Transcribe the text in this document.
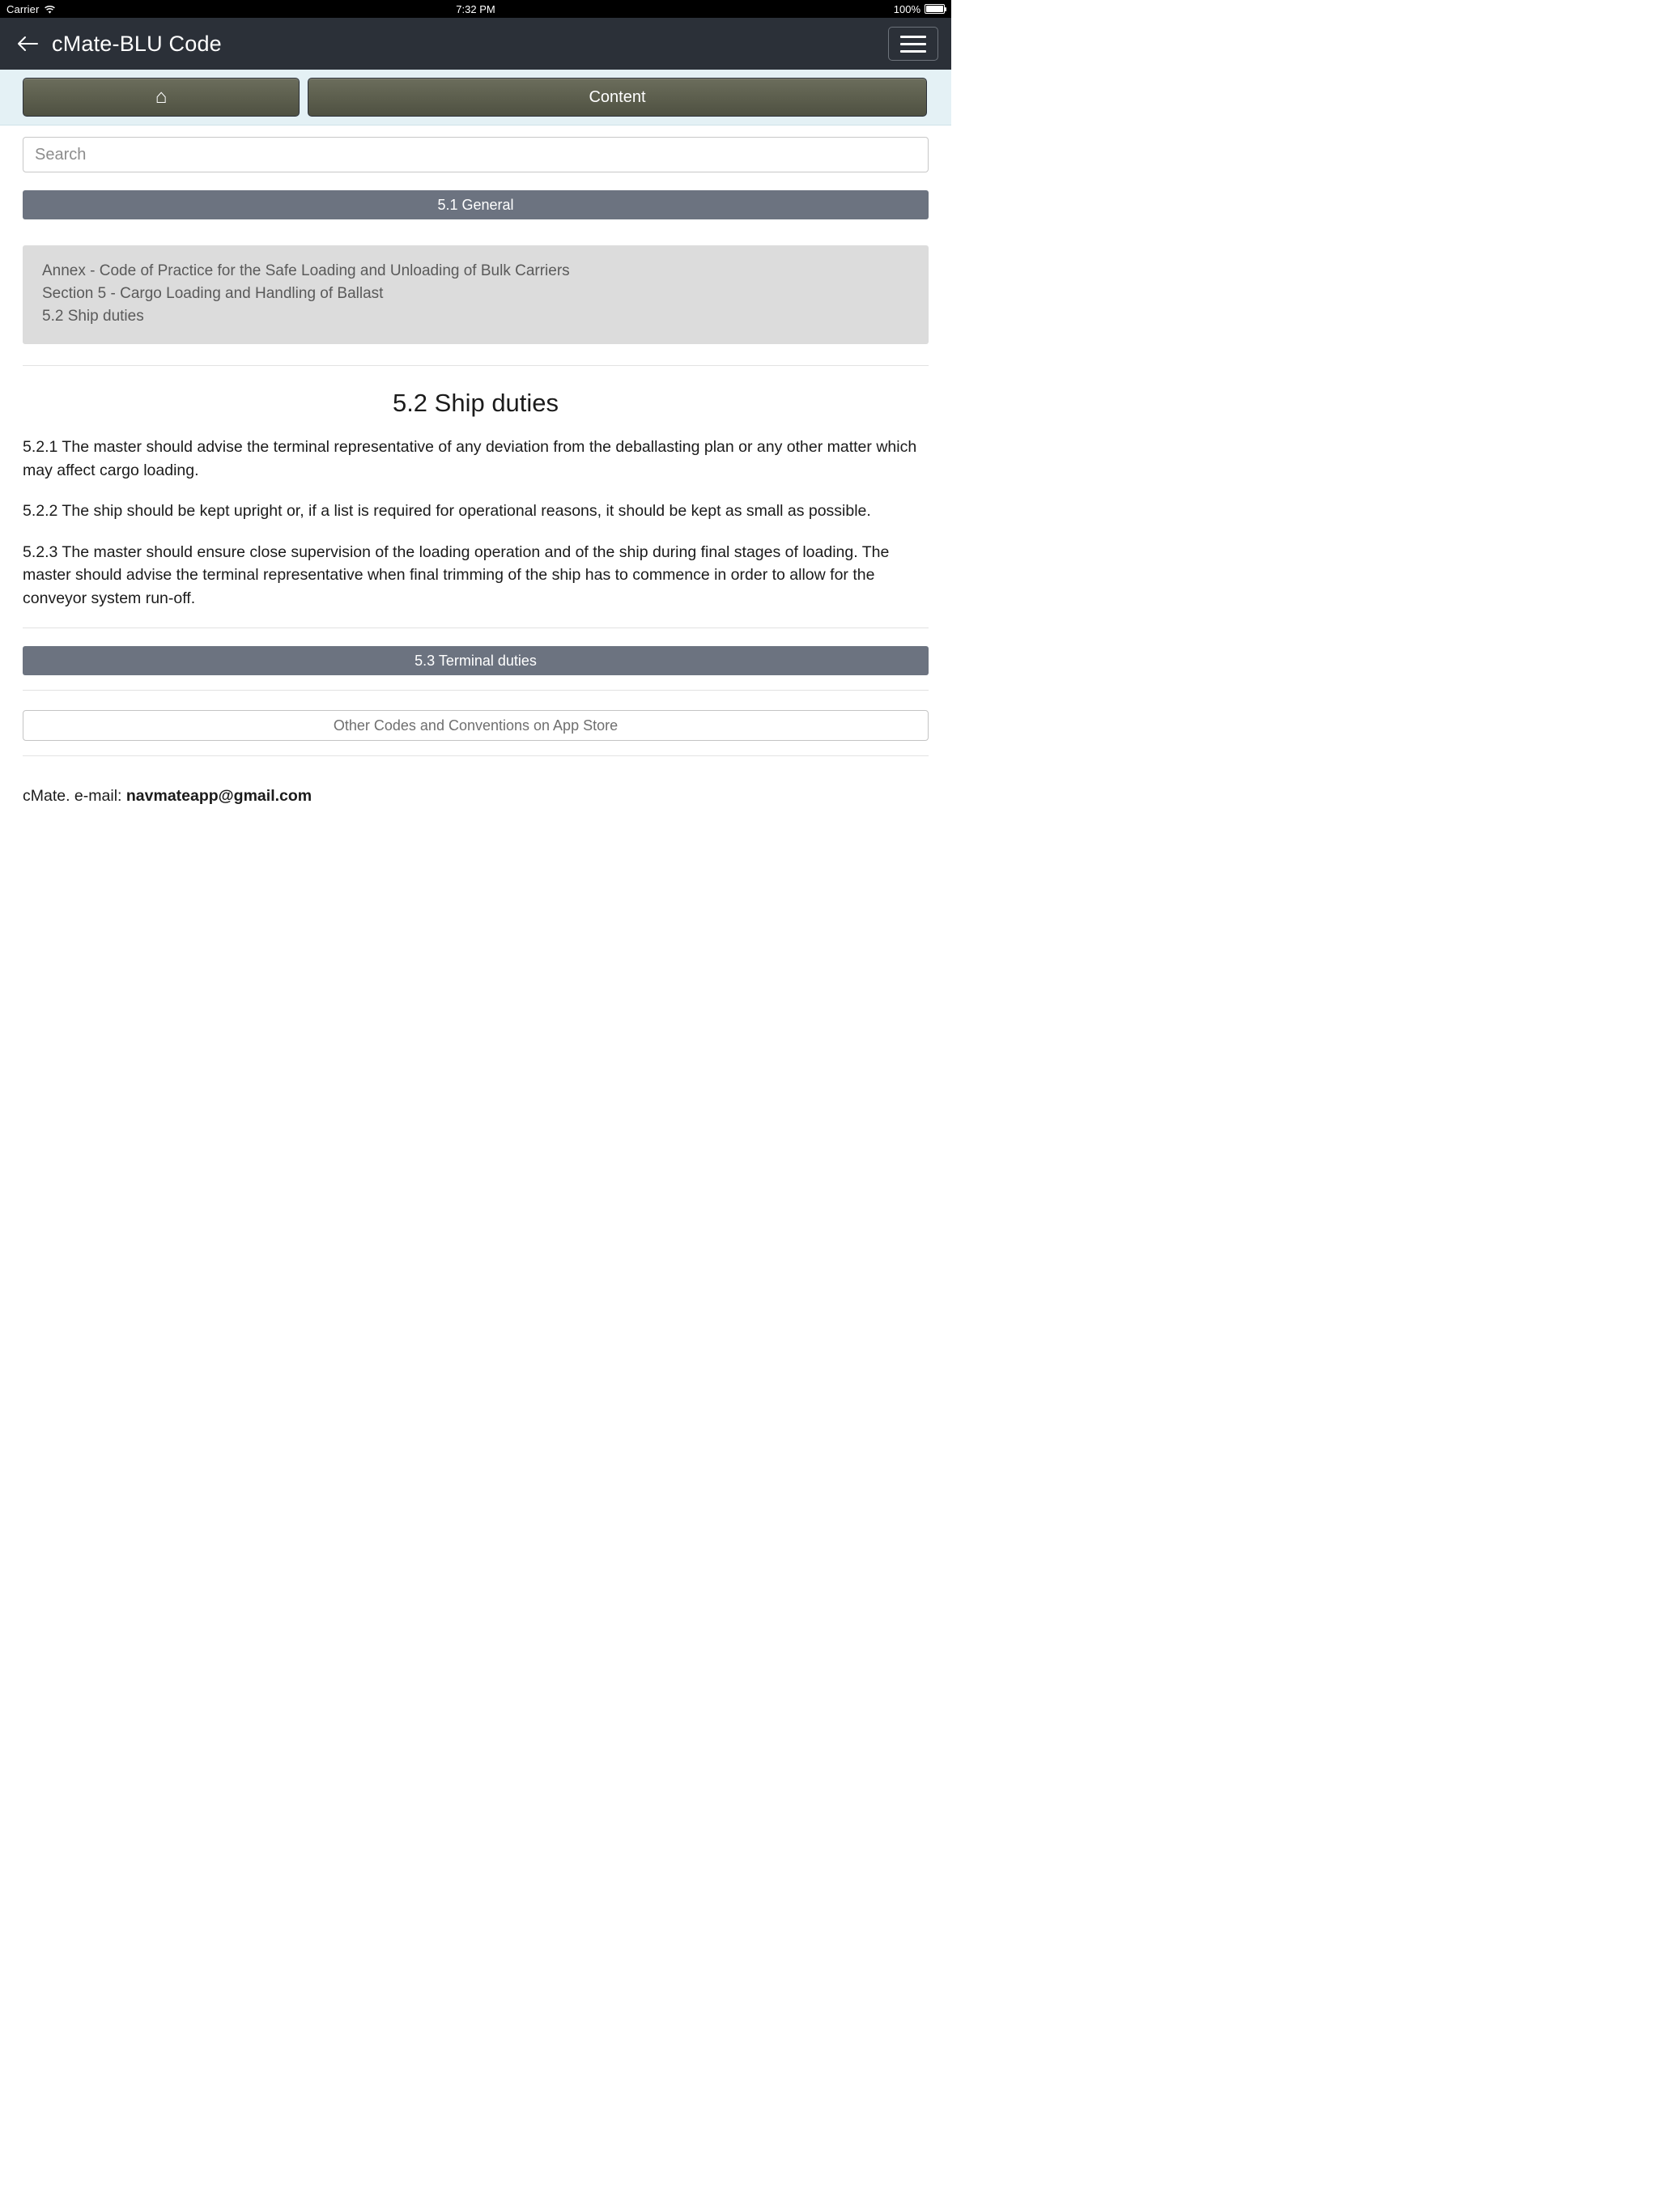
Carrier	7:32 PM	100%
cMate-BLU Code
⌂	Content
Search
5.1 General
Annex - Code of Practice for the Safe Loading and Unloading of Bulk Carriers
Section 5 - Cargo Loading and Handling of Ballast
5.2 Ship duties
5.2 Ship duties

5.2.1 The master should advise the terminal representative of any deviation from the deballasting plan or any other matter which may affect cargo loading.

5.2.2 The ship should be kept upright or, if a list is required for operational reasons, it should be kept as small as possible.

5.2.3 The master should ensure close supervision of the loading operation and of the ship during final stages of loading. The master should advise the terminal representative when final trimming of the ship has to commence in order to allow for the conveyor system run-off.

5.3 Terminal duties
Other Codes and Conventions on App Store
cMate. e-mail: navmateapp@gmail.com
